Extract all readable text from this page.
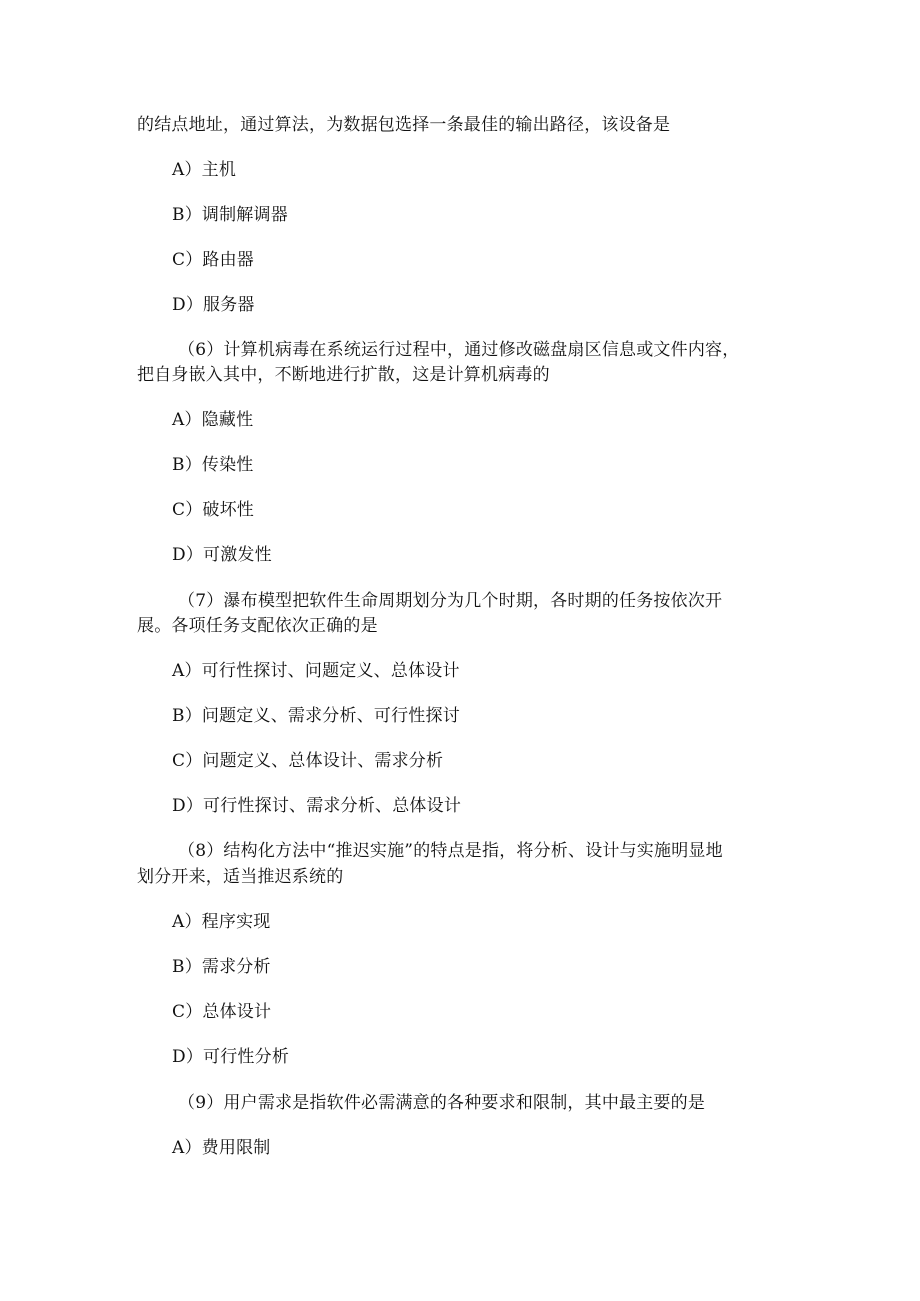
的结点地址，通过算法，为数据包选择一条最佳的输出路径，该设备是
A）主机
B）调制解调器
C）路由器
D）服务器
（6）计算机病毒在系统运行过程中，通过修改磁盘扇区信息或文件内容，
把自身嵌入其中，不断地进行扩散，这是计算机病毒的
A）隐藏性
B）传染性
C）破坏性
D）可激发性
（7）瀑布模型把软件生命周期划分为几个时期，各时期的任务按依次开
展。各项任务支配依次正确的是
A）可行性探讨、问题定义、总体设计
B）问题定义、需求分析、可行性探讨
C）问题定义、总体设计、需求分析
D）可行性探讨、需求分析、总体设计
（8）结构化方法中“推迟实施”的特点是指，将分析、设计与实施明显地
划分开来，适当推迟系统的
A）程序实现
B）需求分析
C）总体设计
D）可行性分析
（9）用户需求是指软件必需满意的各种要求和限制，其中最主要的是
A）费用限制
